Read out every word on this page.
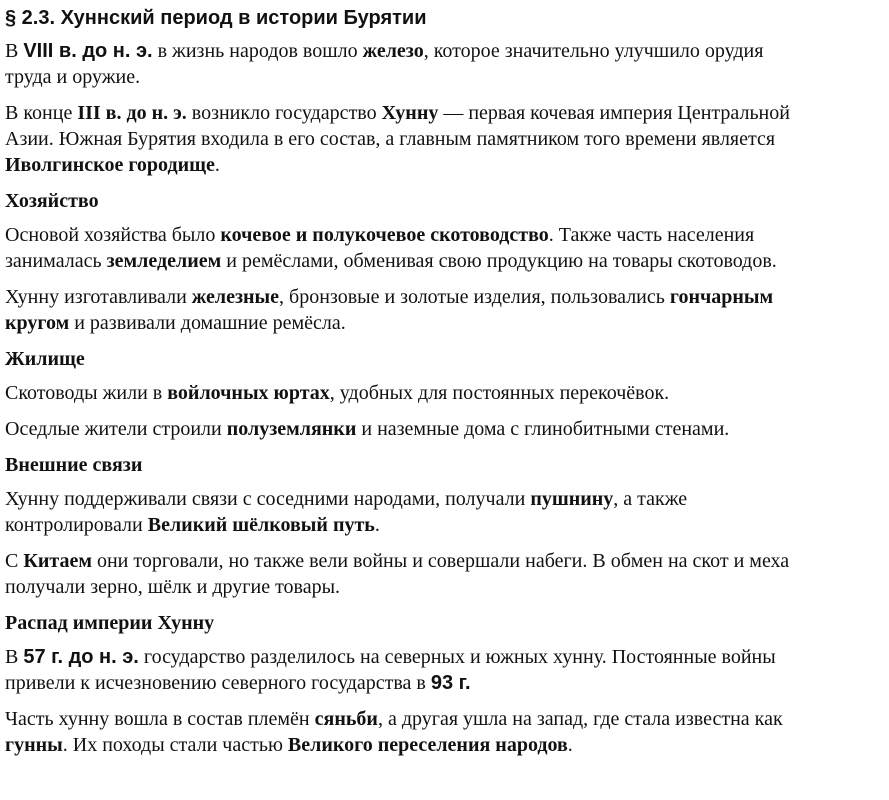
§ 2.3. Хуннский период в истории Бурятии

В VIII в. до н. э. в жизнь народов вошло железо, которое значительно улучшило орудия
труда и оружие.

В конце III в. до н. э. возникло государство Хунну — первая кочевая империя Центральной
Азии. Южная Бурятия входила в его состав, а главным памятником того времени является
Иволгинское городище.

Хозяйство

Основой хозяйства было кочевое и полукочевое скотоводство. Также часть населения
занималась земледелием и ремёслами, обменивая свою продукцию на товары скотоводов.

Хунну изготавливали железные, бронзовые и золотые изделия, пользовались гончарным
кругом и развивали домашние ремёсла.

Жилище

Скотоводы жили в войлочных юртах, удобных для постоянных перекочёвок.

Оседлые жители строили полуземлянки и наземные дома с глинобитными стенами.

Внешние связи

Хунну поддерживали связи с соседними народами, получали пушнину, а также
контролировали Великий шёлковый путь.

С Китаем они торговали, но также вели войны и совершали набеги. В обмен на скот и меха
получали зерно, шёлк и другие товары.

Распад империи Хунну

В 57 г. до н. э. государство разделилось на северных и южных хунну. Постоянные войны
привели к исчезновению северного государства в 93 г.

Часть хунну вошла в состав племён сяньби, а другая ушла на запад, где стала известна как
гунны. Их походы стали частью Великого переселения народов.
